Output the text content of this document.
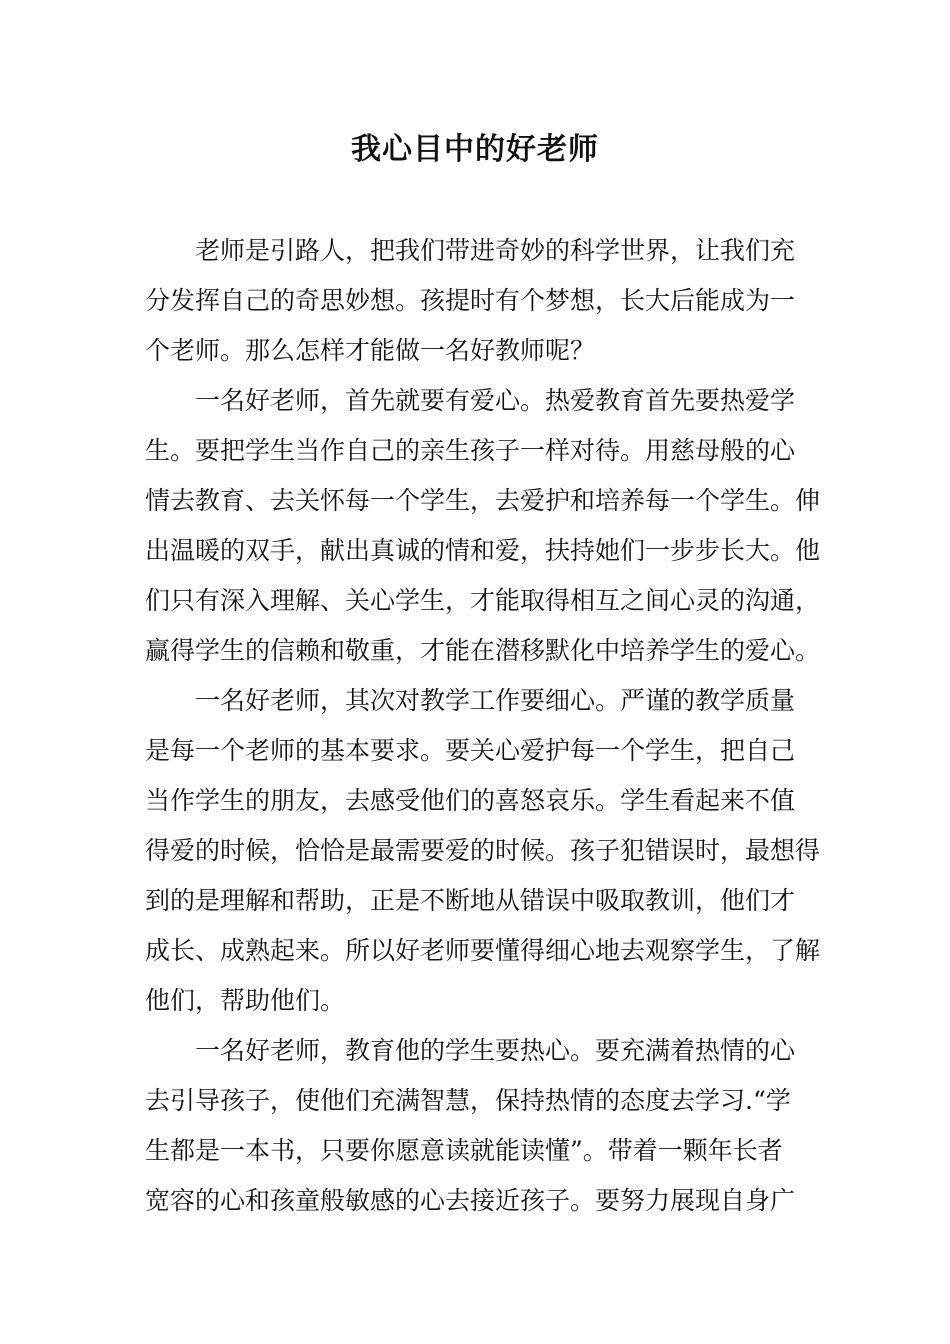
我心目中的好老师

老师是引路人，把我们带进奇妙的科学世界，让我们充
分发挥自己的奇思妙想。孩提时有个梦想，长大后能成为一
个老师。那么怎样才能做一名好教师呢？

一名好老师，首先就要有爱心。热爱教育首先要热爱学
生。要把学生当作自己的亲生孩子一样对待。用慈母般的心
情去教育、去关怀每一个学生，去爱护和培养每一个学生。伸
出温暖的双手，献出真诚的情和爱，扶持她们一步步长大。他
们只有深入理解、关心学生，才能取得相互之间心灵的沟通，
赢得学生的信赖和敬重，才能在潜移默化中培养学生的爱心。

一名好老师，其次对教学工作要细心。严谨的教学质量
是每一个老师的基本要求。要关心爱护每一个学生，把自己
当作学生的朋友，去感受他们的喜怒哀乐。学生看起来不值
得爱的时候，恰恰是最需要爱的时候。孩子犯错误时，最想得
到的是理解和帮助，正是不断地从错误中吸取教训，他们才
成长、成熟起来。所以好老师要懂得细心地去观察学生，了解
他们，帮助他们。

一名好老师，教育他的学生要热心。要充满着热情的心
去引导孩子，使他们充满智慧，保持热情的态度去学习.“学
生都是一本书，只要你愿意读就能读懂”。带着一颗年长者
宽容的心和孩童般敏感的心去接近孩子。要努力展现自身广
